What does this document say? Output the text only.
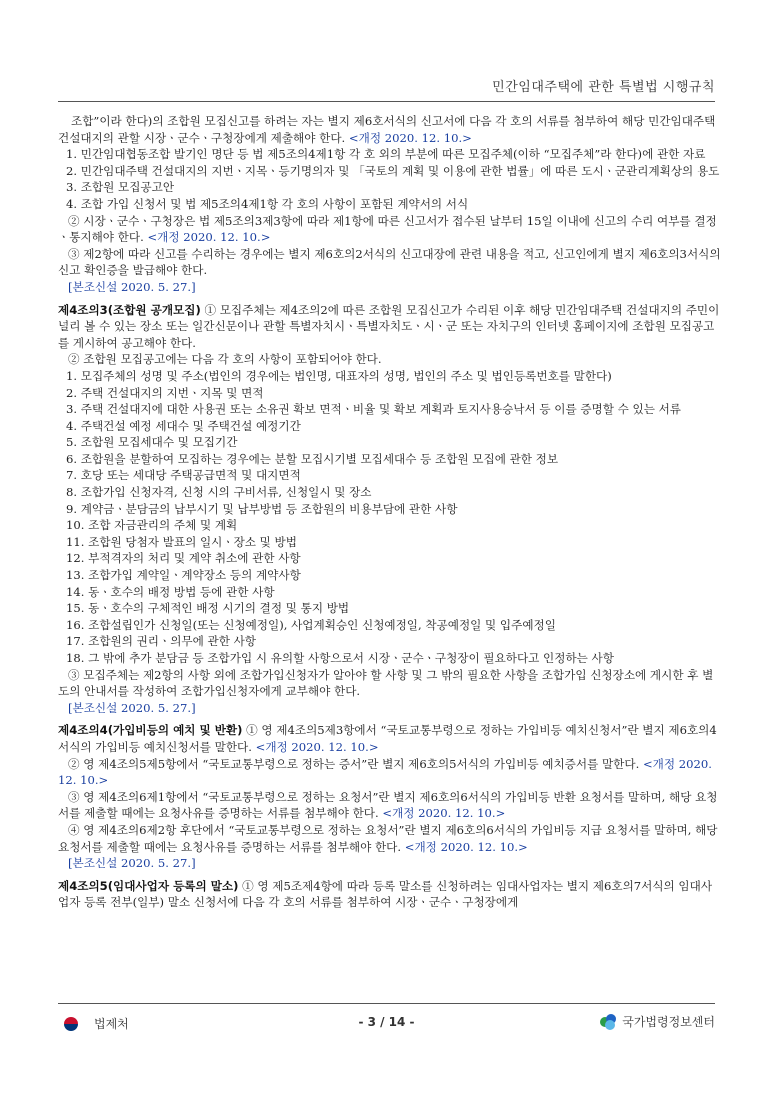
민간임대주택에 관한 특별법 시행규칙

조합”이라 한다)의 조합원 모집신고를 하려는 자는 별지 제6호서식의 신고서에 다음 각 호의 서류를 첨부하여 해당 민간임대주택 건설대지의 관할 시장ㆍ군수ㆍ구청장에게 제출해야 한다. <개정 2020. 12. 10.>

1. 민간임대협동조합 발기인 명단 등 법 제5조의4제1항 각 호 외의 부분에 따른 모집주체(이하 “모집주체”라 한다)에 관한 자료

2. 민간임대주택 건설대지의 지번ㆍ지목ㆍ등기명의자 및 「국토의 계획 및 이용에 관한 법률」에 따른 도시ㆍ군관리계획상의 용도

3. 조합원 모집공고안

4. 조합 가입 신청서 및 법 제5조의4제1항 각 호의 사항이 포함된 계약서의 서식

② 시장ㆍ군수ㆍ구청장은 법 제5조의3제3항에 따라 제1항에 따른 신고서가 접수된 날부터 15일 이내에 신고의 수리 여부를 결정ㆍ통지해야 한다. <개정 2020. 12. 10.>

③ 제2항에 따라 신고를 수리하는 경우에는 별지 제6호의2서식의 신고대장에 관련 내용을 적고, 신고인에게 별지 제6호의3서식의 신고 확인증을 발급해야 한다.

[본조신설 2020. 5. 27.]

제4조의3(조합원 공개모집) ① 모집주체는 제4조의2에 따른 조합원 모집신고가 수리된 이후 해당 민간임대주택 건설대지의 주민이 널리 볼 수 있는 장소 또는 일간신문이나 관할 특별자치시ㆍ특별자치도ㆍ시ㆍ군 또는 자치구의 인터넷 홈페이지에 조합원 모집공고를 게시하여 공고해야 한다.

② 조합원 모집공고에는 다음 각 호의 사항이 포함되어야 한다.

1. 모집주체의 성명 및 주소(법인의 경우에는 법인명, 대표자의 성명, 법인의 주소 및 법인등록번호를 말한다)

2. 주택 건설대지의 지번ㆍ지목 및 면적

3. 주택 건설대지에 대한 사용권 또는 소유권 확보 면적ㆍ비율 및 확보 계획과 토지사용승낙서 등 이를 증명할 수 있는 서류

4. 주택건설 예정 세대수 및 주택건설 예정기간

5. 조합원 모집세대수 및 모집기간

6. 조합원을 분할하여 모집하는 경우에는 분할 모집시기별 모집세대수 등 조합원 모집에 관한 정보

7. 호당 또는 세대당 주택공급면적 및 대지면적

8. 조합가입 신청자격, 신청 시의 구비서류, 신청일시 및 장소

9. 계약금ㆍ분담금의 납부시기 및 납부방법 등 조합원의 비용부담에 관한 사항

10. 조합 자금관리의 주체 및 계획

11. 조합원 당첨자 발표의 일시ㆍ장소 및 방법

12. 부적격자의 처리 및 계약 취소에 관한 사항

13. 조합가입 계약일ㆍ계약장소 등의 계약사항

14. 동ㆍ호수의 배정 방법 등에 관한 사항

15. 동ㆍ호수의 구체적인 배정 시기의 결정 및 통지 방법

16. 조합설립인가 신청일(또는 신청예정일), 사업계획승인 신청예정일, 착공예정일 및 입주예정일

17. 조합원의 권리ㆍ의무에 관한 사항

18. 그 밖에 추가 분담금 등 조합가입 시 유의할 사항으로서 시장ㆍ군수ㆍ구청장이 필요하다고 인정하는 사항

③ 모집주체는 제2항의 사항 외에 조합가입신청자가 알아야 할 사항 및 그 밖의 필요한 사항을 조합가입 신청장소에 게시한 후 별도의 안내서를 작성하여 조합가입신청자에게 교부해야 한다.

[본조신설 2020. 5. 27.]

제4조의4(가입비등의 예치 및 반환) ① 영 제4조의5제3항에서 “국토교통부령으로 정하는 가입비등 예치신청서”란 별지 제6호의4서식의 가입비등 예치신청서를 말한다. <개정 2020. 12. 10.>

② 영 제4조의5제5항에서 “국토교통부령으로 정하는 증서”란 별지 제6호의5서식의 가입비등 예치증서를 말한다. <개정 2020. 12. 10.>

③ 영 제4조의6제1항에서 “국토교통부령으로 정하는 요청서”란 별지 제6호의6서식의 가입비등 반환 요청서를 말하며, 해당 요청서를 제출할 때에는 요청사유를 증명하는 서류를 첨부해야 한다. <개정 2020. 12. 10.>

④ 영 제4조의6제2항 후단에서 “국토교통부령으로 정하는 요청서”란 별지 제6호의6서식의 가입비등 지급 요청서를 말하며, 해당 요청서를 제출할 때에는 요청사유를 증명하는 서류를 첨부해야 한다. <개정 2020. 12. 10.>

[본조신설 2020. 5. 27.]

제4조의5(임대사업자 등록의 말소) ① 영 제5조제4항에 따라 등록 말소를 신청하려는 임대사업자는 별지 제6호의7서식의 임대사업자 등록 전부(일부) 말소 신청서에 다음 각 호의 서류를 첨부하여 시장ㆍ군수ㆍ구청장에게

법제처	- 3 / 14 -	국가법령정보센터
